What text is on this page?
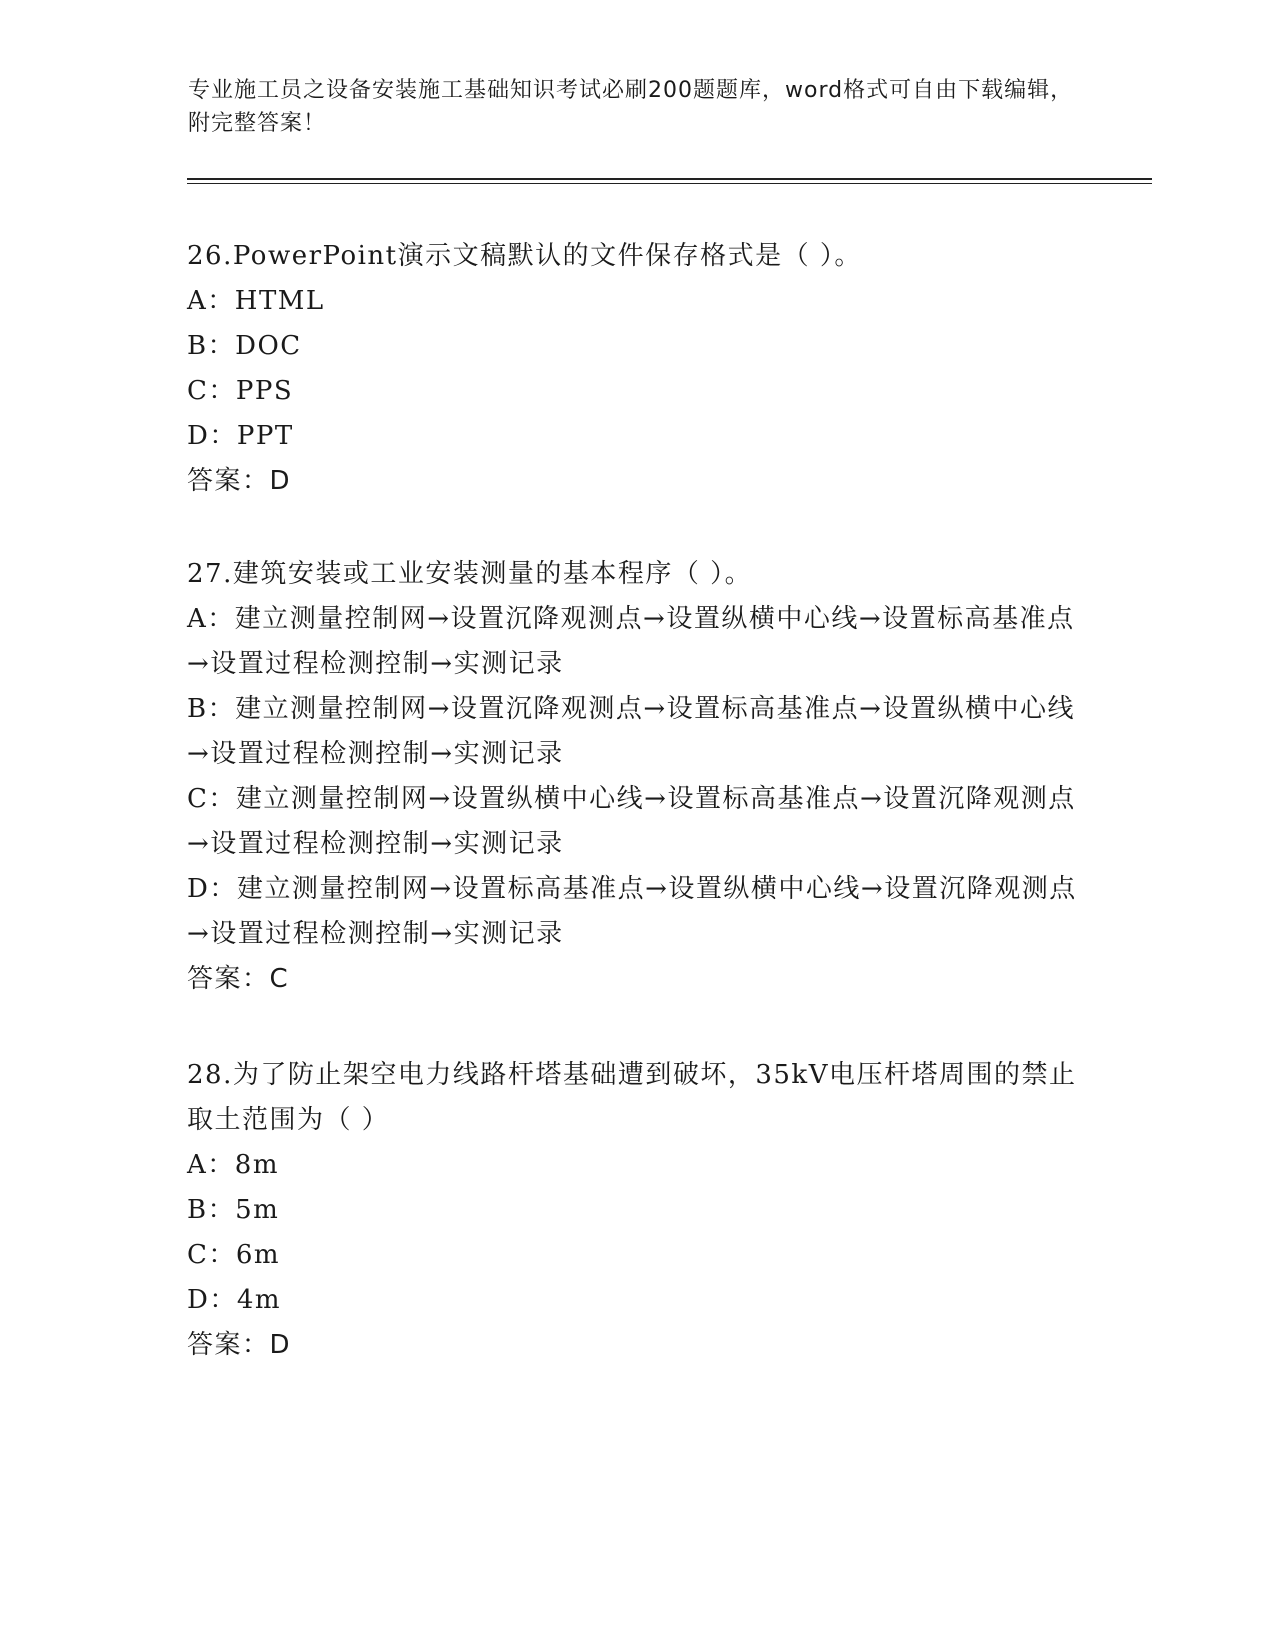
专业施工员之设备安装施工基础知识考试必刷200题题库，word格式可自由下载编辑，附完整答案！

26.PowerPoint演示文稿默认的文件保存格式是（ ）。

A：HTML

B：DOC

C：PPS

D：PPT

答案：D

27.建筑安装或工业安装测量的基本程序（ ）。

A：建立测量控制网→设置沉降观测点→设置纵横中心线→设置标高基准点→设置过程检测控制→实测记录

B：建立测量控制网→设置沉降观测点→设置标高基准点→设置纵横中心线→设置过程检测控制→实测记录

C：建立测量控制网→设置纵横中心线→设置标高基准点→设置沉降观测点→设置过程检测控制→实测记录

D：建立测量控制网→设置标高基准点→设置纵横中心线→设置沉降观测点→设置过程检测控制→实测记录

答案：C

28.为了防止架空电力线路杆塔基础遭到破坏，35kV电压杆塔周围的禁止取土范围为（ ）

A：8m

B：5m

C：6m

D：4m

答案：D
